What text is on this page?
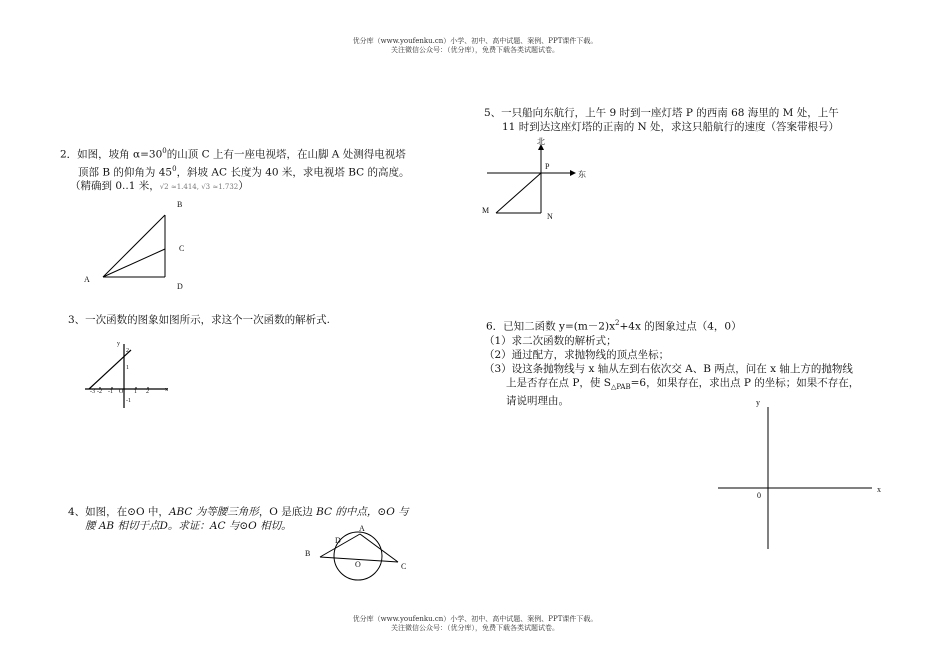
优分库（www.youfenku.cn）小学、初中、高中试题、案例、PPT课件下载。
关注微信公众号：（优分库），免费下载各类试题试卷。
2．如图，坡角 $\alpha=30^0$的山顶 C 上有一座电视塔，在山脚 A 处测得电视塔
顶部 B 的仰角为 $45^0$，斜坡 AC 长度为 40 米，求电视塔 BC 的高度。
（精确到 0..1 米，√2 ≈1.414, √3 ≈1.732）
A
B
C
D
3、一次函数的图象如图所示，求这个一次函数的解析式.
y
x
O
-3 -2 -1	1 2
2
1
-1
4、如图，在⊙O 中，ABC 为等腰三角形，O 是底边 BC 的中点，⊙O 与
腰 AB 相切于点D。求证：AC 与⊙O 相切。	A
B
C
D
O
5、一只船向东航行，上午 9 时到一座灯塔 P 的西南 68 海里的 M 处，上午
11 时到达这座灯塔的正南的 N 处，求这只船航行的速度（答案带根号）
北
东
P
M
N
6．已知二函数 $y=(m-2)x^2+4x$ 的图象过点（4，0）
（1）求二次函数的解析式；
（2）通过配方，求抛物线的顶点坐标；
（3）设这条抛物线与 x 轴从左到右依次交 A、B 两点，问在 x 轴上方的抛物线
上是否存在点 P，使 $S_{\triangle PAB}=6$，如果存在，求出点 P 的坐标；如果不存在，
请说明理由。	y
x
0
优分库（www.youfenku.cn）小学、初中、高中试题、案例、PPT课件下载。
关注微信公众号：（优分库），免费下载各类试题试卷。
